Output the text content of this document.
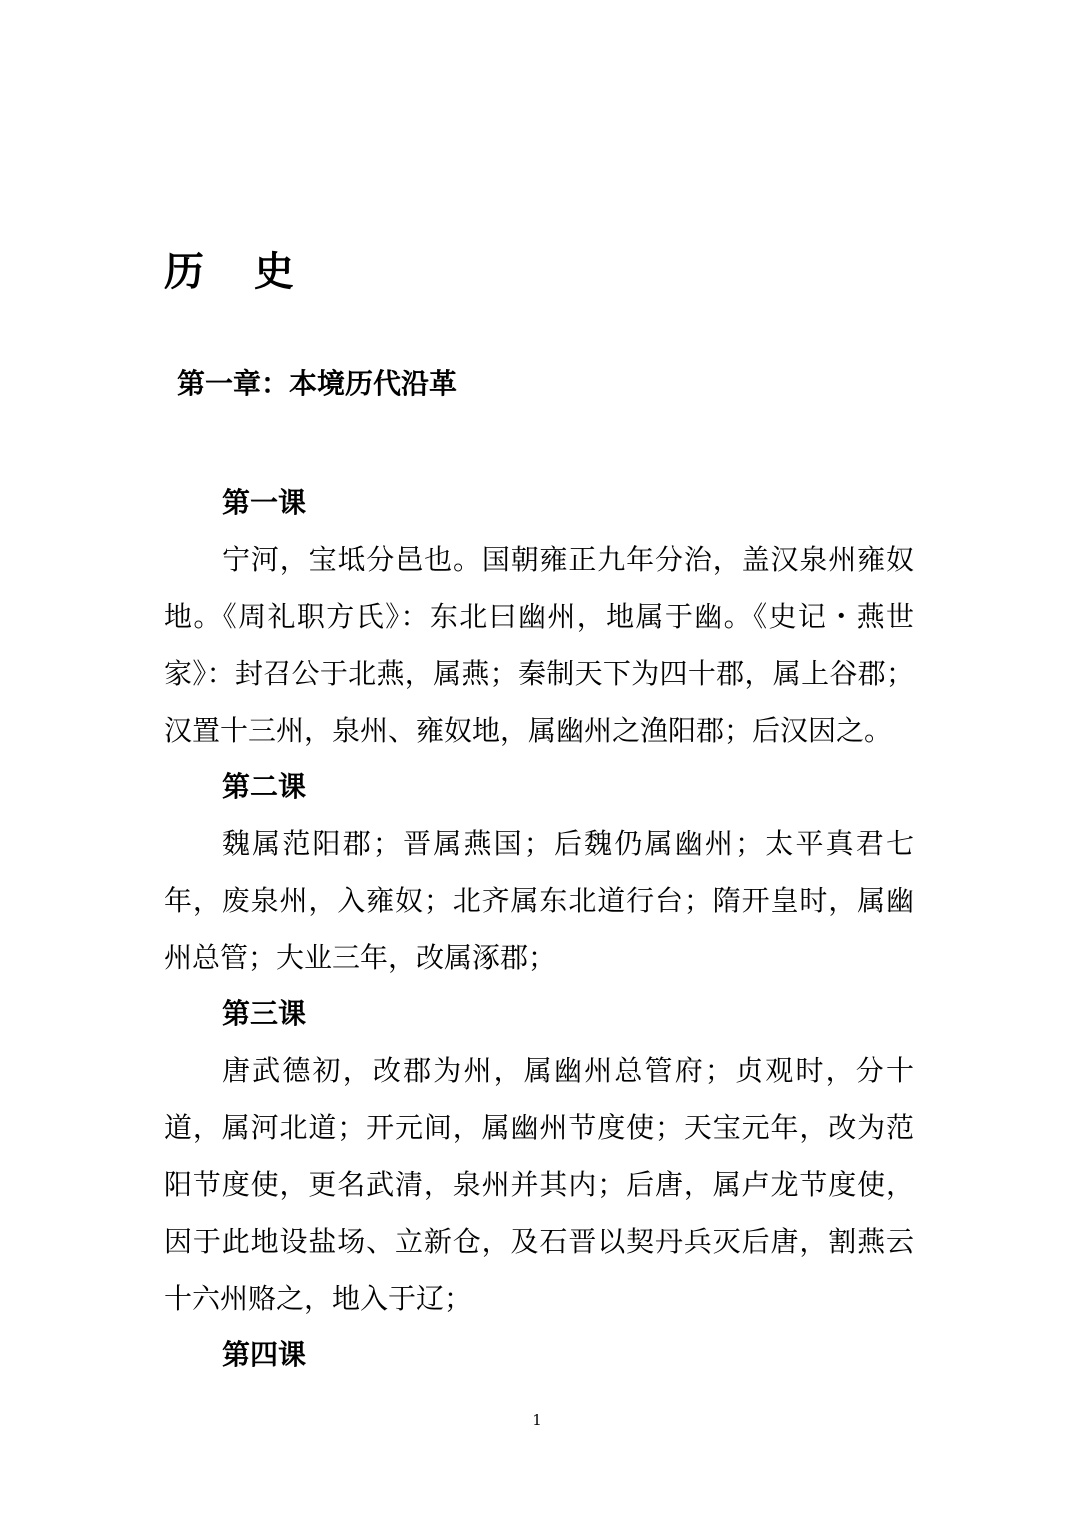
历 史
第一章：本境历代沿革
第一课

宁河，宝坻分邑也。国朝雍正九年分治，盖汉泉州雍奴地。《周礼职方氏》：东北曰幽州，地属于幽。《史记・燕世家》：封召公于北燕，属燕；秦制天下为四十郡，属上谷郡；汉置十三州，泉州、雍奴地，属幽州之渔阳郡；后汉因之。

第二课

魏属范阳郡；晋属燕国；后魏仍属幽州；太平真君七年，废泉州，入雍奴；北齐属东北道行台；隋开皇时，属幽州总管；大业三年，改属涿郡；

第三课

唐武德初，改郡为州，属幽州总管府；贞观时，分十道，属河北道；开元间，属幽州节度使；天宝元年，改为范阳节度使，更名武清，泉州并其内；后唐，属卢龙节度使，因于此地设盐场、立新仓，及石晋以契丹兵灭后唐，割燕云十六州赂之，地入于辽；

第四课
1
